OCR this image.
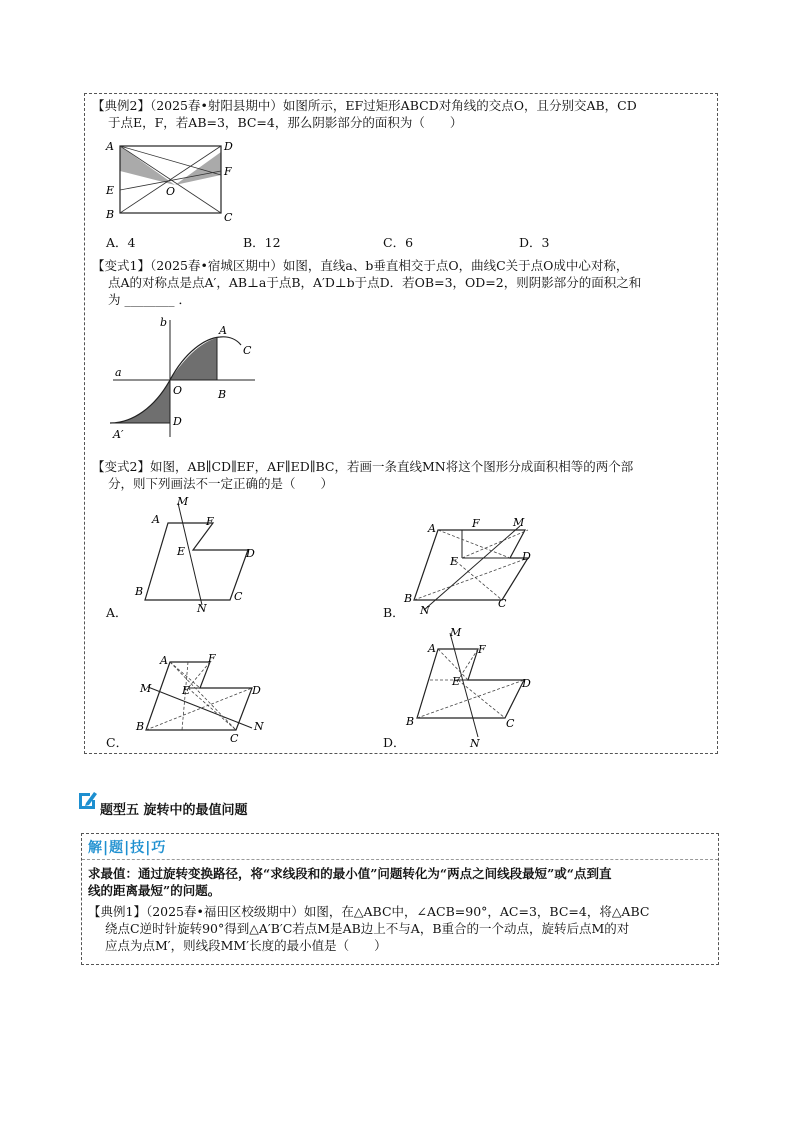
【典例2】（2025春•射阳县期中）如图所示，EF过矩形ABCD对角线的交点O，且分别交AB，CD
于点E，F，若AB=3，BC=4，那么阴影部分的面积为（　　）
A
E
B
D
F
C
O
A．4	B．12	C．6	D．3
【变式1】（2025春•宿城区期中）如图，直线a、b垂直相交于点O，曲线C关于点O成中心对称，
点A的对称点是点A′，AB⊥a于点B，A′D⊥b于点D．若OB=3，OD=2，则阴影部分的面积之和
为 ________ ．
a
b
A
C
O	B
D
A′
【变式2】如图，AB∥CD∥EF，AF∥ED∥BC，若画一条直线MN将这个图形分成面积相等的两个部
分，则下列画法不一定正确的是（　　）
A
M
F
E	D
B	C
N
A．
A	F	M
E	D
B	C
N
B．
A	F
M	E	D
B
C
N
C．
A
M
F
E	D
B	C
N
D．
题型五 旋转中的最值问题
解|题|技|巧
求最值：通过旋转变换路径，将“求线段和的最小值”问题转化为“两点之间线段最短”或“点到直
线的距离最短”的问题。
【典例1】（2025春•福田区校级期中）如图，在△ABC中，∠ACB=90°，AC=3，BC=4，将△ABC
绕点C逆时针旋转90°得到△A′B′C若点M是AB边上不与A，B重合的一个动点，旋转后点M的对
应点为点M′，则线段MM′长度的最小值是（　　）
